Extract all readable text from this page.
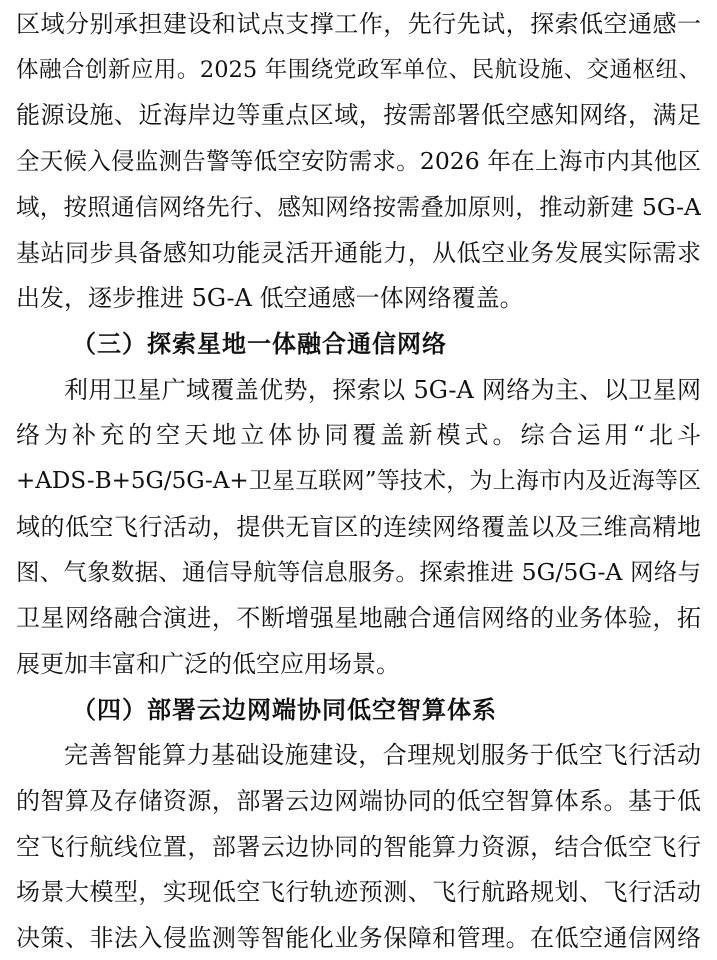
区域分别承担建设和试点支撑工作，先行先试，探索低空通感一
体融合创新应用。2025 年围绕党政军单位、民航设施、交通枢纽、
能源设施、近海岸边等重点区域，按需部署低空感知网络，满足
全天候入侵监测告警等低空安防需求。2026 年在上海市内其他区
域，按照通信网络先行、感知网络按需叠加原则，推动新建 5G-A
基站同步具备感知功能灵活开通能力，从低空业务发展实际需求
出发，逐步推进 5G-A 低空通感一体网络覆盖。
（三）探索星地一体融合通信网络
利用卫星广域覆盖优势，探索以 5G-A 网络为主、以卫星网
络为补充的空天地立体协同覆盖新模式。综合运用“北斗
+ADS-B+5G/5G-A+卫星互联网”等技术，为上海市内及近海等区
域的低空飞行活动，提供无盲区的连续网络覆盖以及三维高精地
图、气象数据、通信导航等信息服务。探索推进 5G/5G-A 网络与
卫星网络融合演进，不断增强星地融合通信网络的业务体验，拓
展更加丰富和广泛的低空应用场景。
（四）部署云边网端协同低空智算体系
完善智能算力基础设施建设，合理规划服务于低空飞行活动
的智算及存储资源，部署云边网端协同的低空智算体系。基于低
空飞行航线位置，部署云边协同的智能算力资源，结合低空飞行
场景大模型，实现低空飞行轨迹预测、飞行航路规划、飞行活动
决策、非法入侵监测等智能化业务保障和管理。在低空通信网络
